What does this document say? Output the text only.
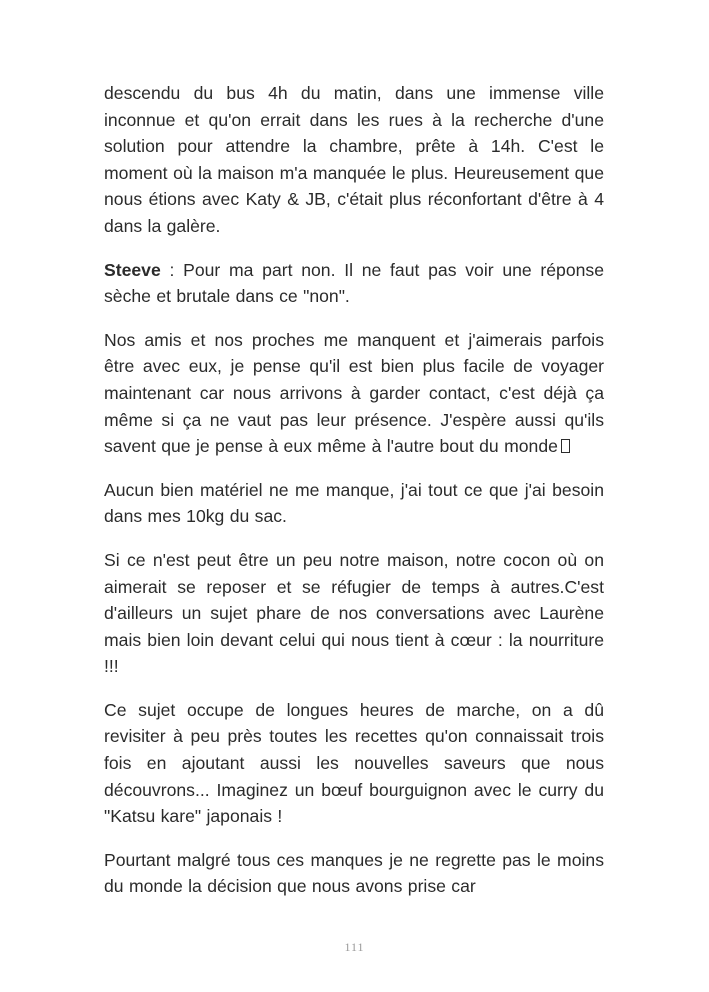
descendu du bus 4h du matin, dans une immense ville inconnue et qu'on errait dans les rues à la recherche d'une solution pour attendre la chambre, prête à 14h. C'est le moment où la maison m'a manquée le plus. Heureusement que nous étions avec Katy & JB, c'était plus réconfortant d'être à 4 dans la galère.

Steeve : Pour ma part non. Il ne faut pas voir une réponse sèche et brutale dans ce "non".

Nos amis et nos proches me manquent et j'aimerais parfois être avec eux, je pense qu'il est bien plus facile de voyager maintenant car nous arrivons à garder contact, c'est déjà ça même si ça ne vaut pas leur présence. J'espère aussi qu'ils savent que je pense à eux même à l'autre bout du monde

Aucun bien matériel ne me manque, j'ai tout ce que j'ai besoin dans mes 10kg du sac.

Si ce n'est peut être un peu notre maison, notre cocon où on aimerait se reposer et se réfugier de temps à autres.C'est d'ailleurs un sujet phare de nos conversations avec Laurène mais bien loin devant celui qui nous tient à cœur : la nourriture !!!

Ce sujet occupe de longues heures de marche, on a dû revisiter à peu près toutes les recettes qu'on connaissait trois fois en ajoutant aussi les nouvelles saveurs que nous découvrons... Imaginez un bœuf bourguignon avec le curry du "Katsu kare" japonais !

Pourtant malgré tous ces manques je ne regrette pas le moins du monde la décision que nous avons prise car

111
